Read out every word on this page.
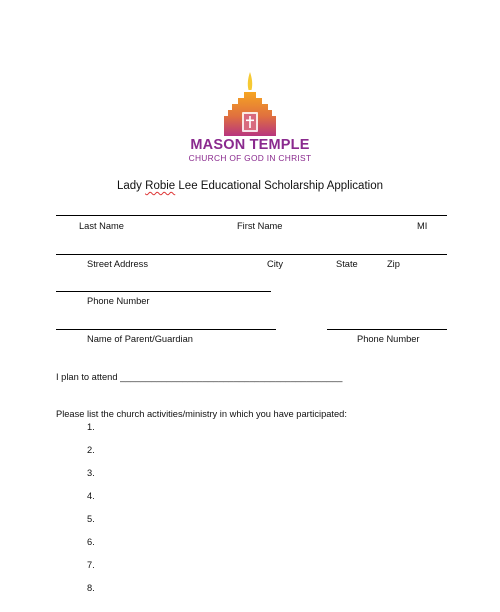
MASON TEMPLE
CHURCH OF GOD IN CHRIST
Lady Robie Lee Educational Scholarship Application
Last Name	First Name	MI
Street Address	City	State	Zip
Phone Number
Name of Parent/Guardian	Phone Number
I plan to attend ___________________________________________
Please list the church activities/ministry in which you have participated:
1.
2.
3.
4.
5.
6.
7.
8.
